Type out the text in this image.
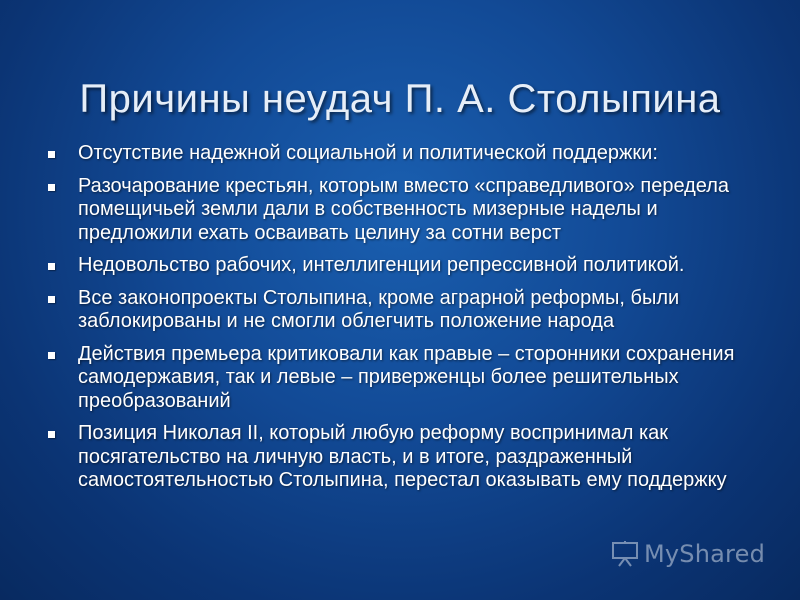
Причины неудач П. А. Столыпина
Отсутствие надежной социальной и политической поддержки:
Разочарование крестьян, которым вместо «справедливого» передела помещичьей земли дали в собственность мизерные наделы и предложили ехать осваивать целину за сотни верст
Недовольство рабочих, интеллигенции репрессивной политикой.
Все законопроекты Столыпина, кроме аграрной реформы, были заблокированы и не смогли облегчить положение народа
Действия премьера критиковали как правые – сторонники сохранения самодержавия, так и левые – приверженцы более решительных преобразований
Позиция Николая II, который любую реформу воспринимал как посягательство на личную власть, и в итоге, раздраженный самостоятельностью Столыпина, перестал оказывать ему поддержку
MyShared
